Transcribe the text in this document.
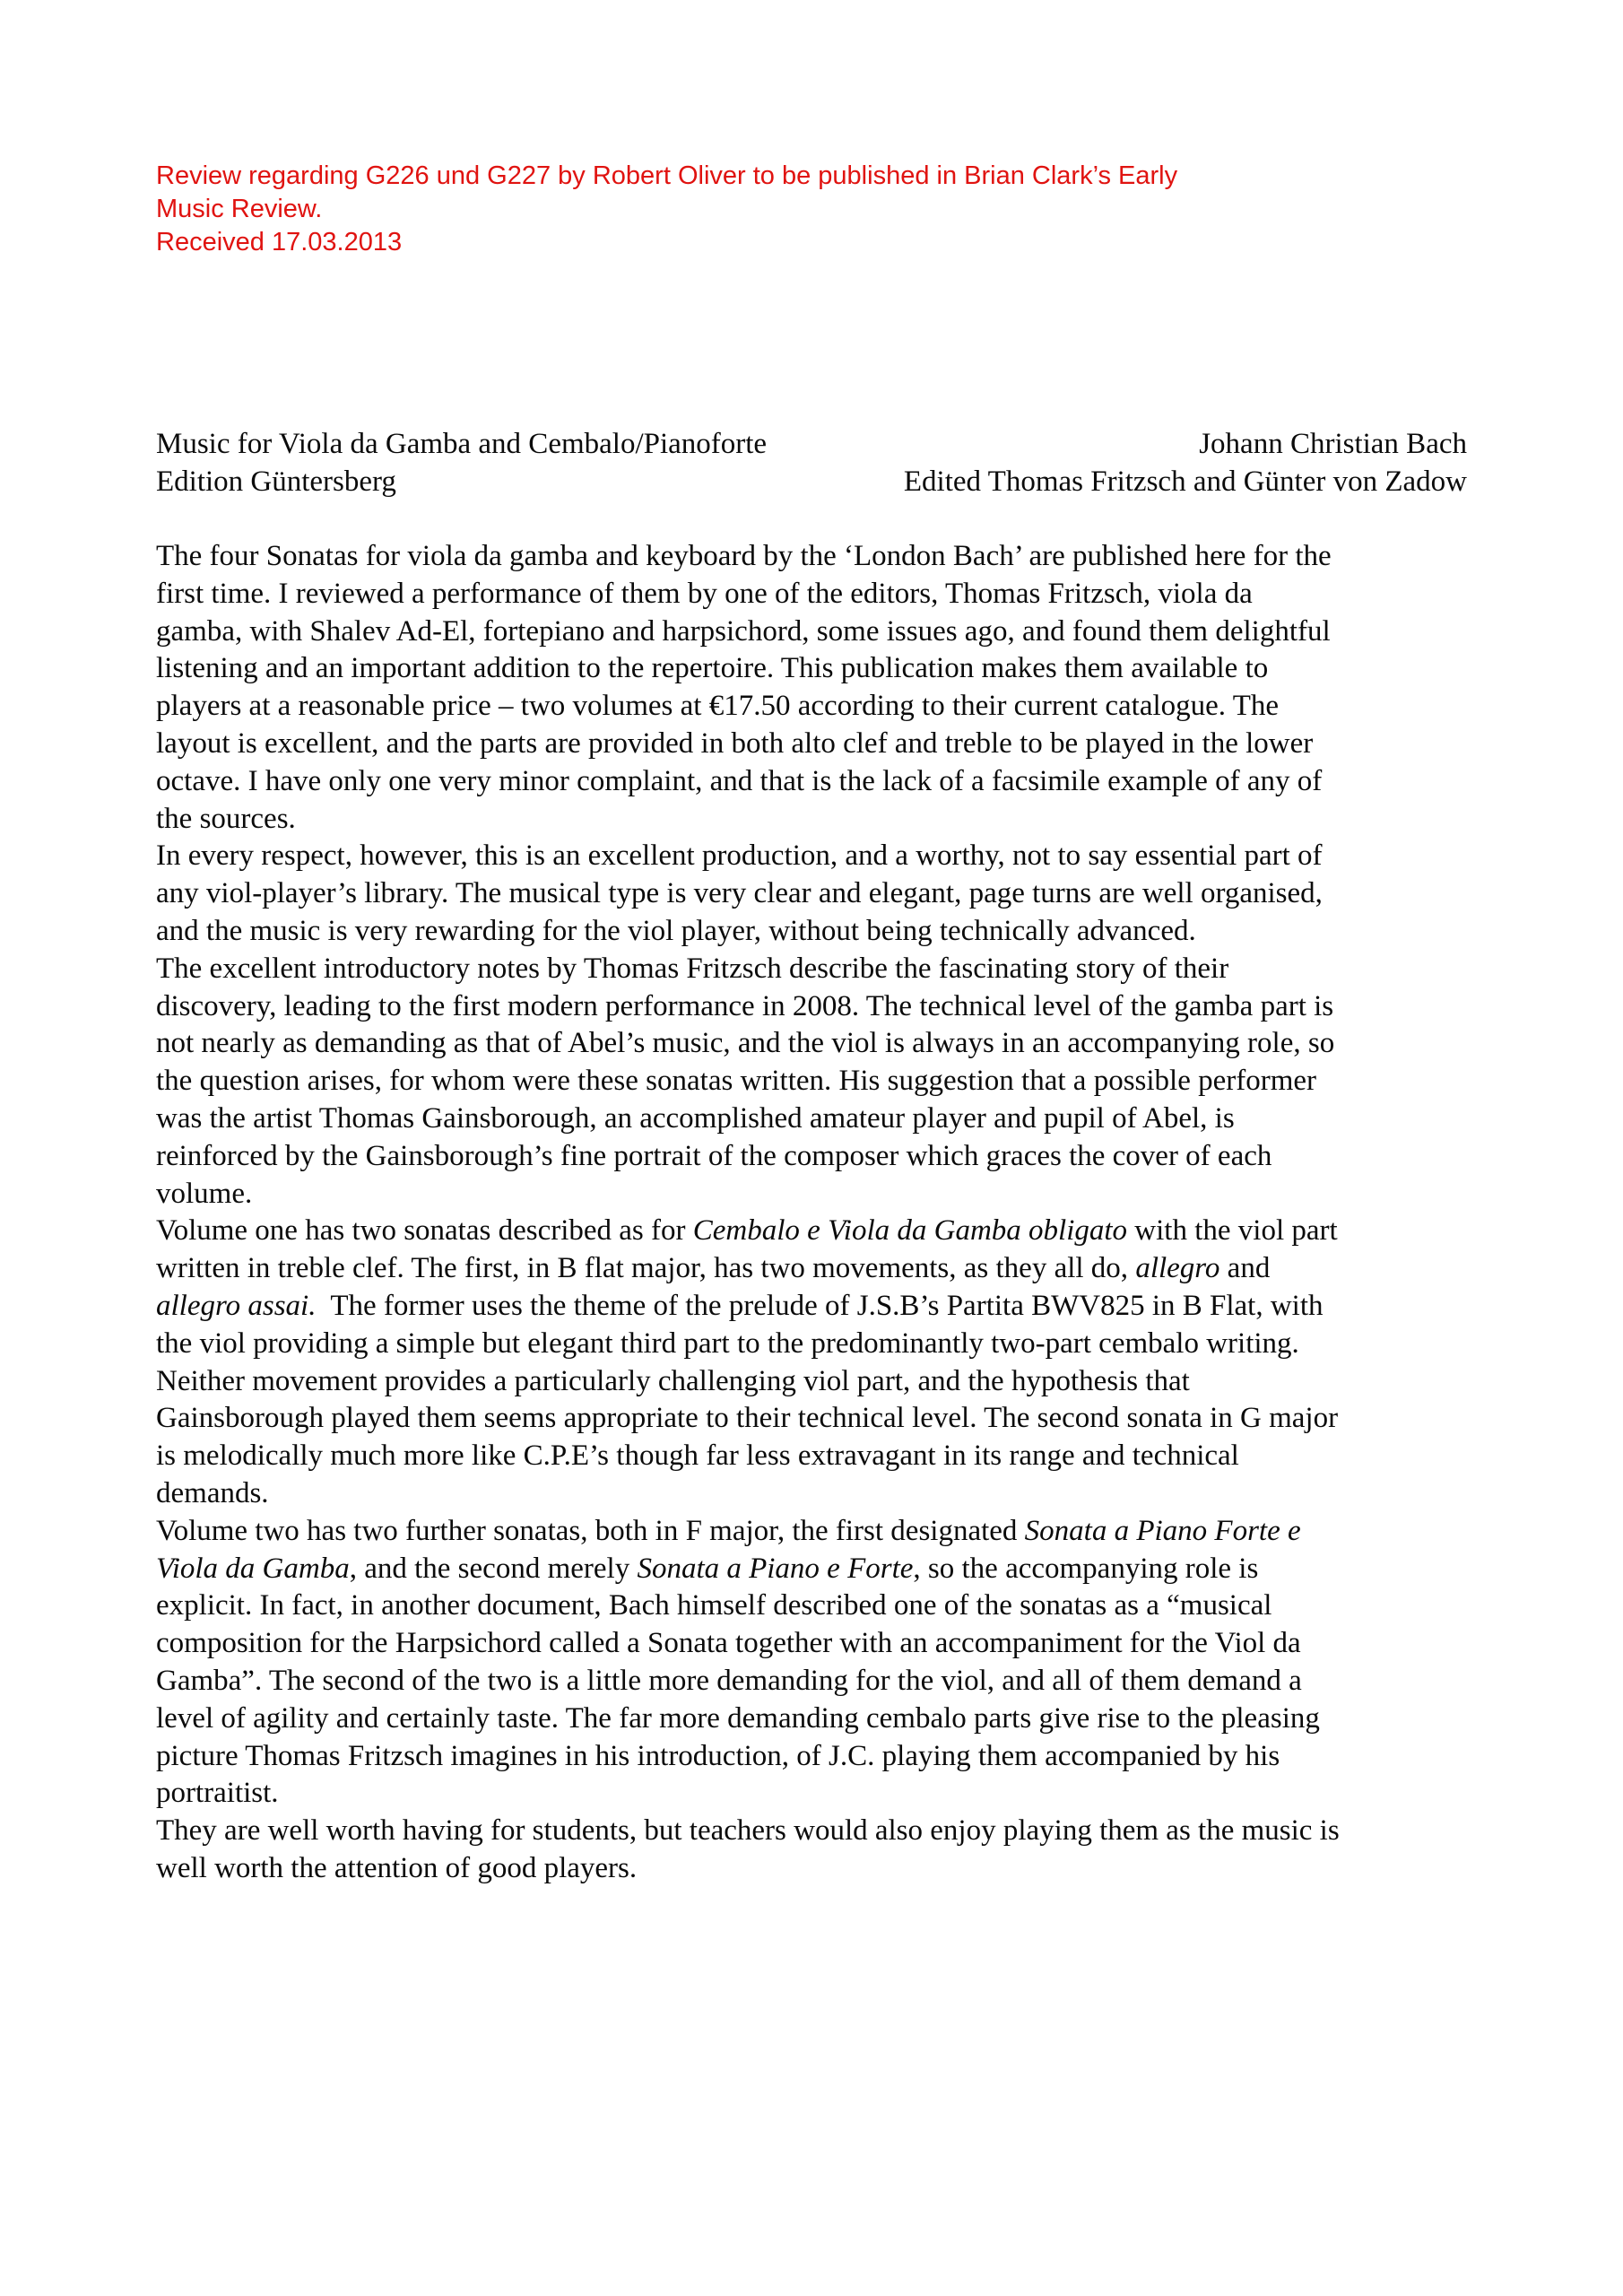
Review regarding G226 und G227 by Robert Oliver to be published in Brian Clark’s Early
Music Review.
Received 17.03.2013
Music for Viola da Gamba and Cembalo/Pianoforte	Johann Christian Bach
Edition Güntersberg	Edited Thomas Fritzsch and Günter von Zadow
The four Sonatas for viola da gamba and keyboard by the ‘London Bach’ are published here for the
first time. I reviewed a performance of them by one of the editors, Thomas Fritzsch, viola da
gamba, with Shalev Ad-El, fortepiano and harpsichord, some issues ago, and found them delightful
listening and an important addition to the repertoire. This publication makes them available to
players at a reasonable price – two volumes at €17.50 according to their current catalogue. The
layout is excellent, and the parts are provided in both alto clef and treble to be played in the lower
octave. I have only one very minor complaint, and that is the lack of a facsimile example of any of
the sources.
In every respect, however, this is an excellent production, and a worthy, not to say essential part of
any viol-player’s library. The musical type is very clear and elegant, page turns are well organised,
and the music is very rewarding for the viol player, without being technically advanced.
The excellent introductory notes by Thomas Fritzsch describe the fascinating story of their
discovery, leading to the first modern performance in 2008. The technical level of the gamba part is
not nearly as demanding as that of Abel’s music, and the viol is always in an accompanying role, so
the question arises, for whom were these sonatas written. His suggestion that a possible performer
was the artist Thomas Gainsborough, an accomplished amateur player and pupil of Abel, is
reinforced by the Gainsborough’s fine portrait of the composer which graces the cover of each
volume.
Volume one has two sonatas described as for Cembalo e Viola da Gamba obligato with the viol part
written in treble clef. The first, in B flat major, has two movements, as they all do, allegro and
allegro assai.  The former uses the theme of the prelude of J.S.B’s Partita BWV825 in B Flat, with
the viol providing a simple but elegant third part to the predominantly two-part cembalo writing.
Neither movement provides a particularly challenging viol part, and the hypothesis that
Gainsborough played them seems appropriate to their technical level. The second sonata in G major
is melodically much more like C.P.E’s though far less extravagant in its range and technical
demands.
Volume two has two further sonatas, both in F major, the first designated Sonata a Piano Forte e
Viola da Gamba, and the second merely Sonata a Piano e Forte, so the accompanying role is
explicit. In fact, in another document, Bach himself described one of the sonatas as a “musical
composition for the Harpsichord called a Sonata together with an accompaniment for the Viol da
Gamba”. The second of the two is a little more demanding for the viol, and all of them demand a
level of agility and certainly taste. The far more demanding cembalo parts give rise to the pleasing
picture Thomas Fritzsch imagines in his introduction, of J.C. playing them accompanied by his
portraitist.
They are well worth having for students, but teachers would also enjoy playing them as the music is
well worth the attention of good players.
